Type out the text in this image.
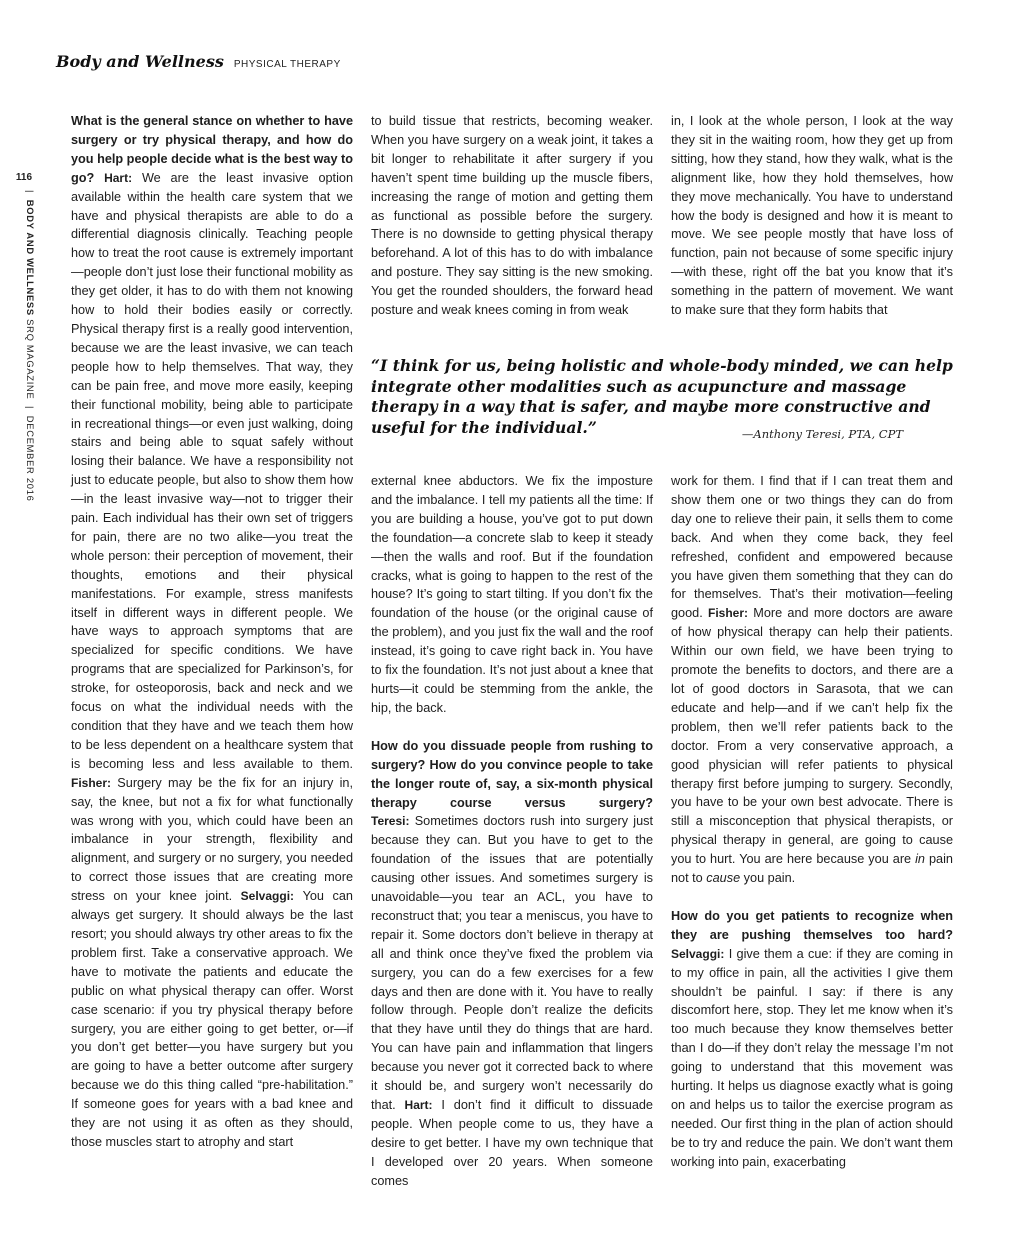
Body and Wellness PHYSICAL THERAPY
116
|  BODY AND WELLNESS SRQ MAGAZINE  |  DECEMBER 2016

What is the general stance on whether to have surgery or try physical therapy, and how do you help people decide what is the best way to go? Hart: We are the least invasive option available within the health care system that we have and physical therapists are able to do a differential diagnosis clinically. Teaching people how to treat the root cause is extremely important—people don’t just lose their functional mobility as they get older, it has to do with them not knowing how to hold their bodies easily or correctly. Physical therapy first is a really good intervention, because we are the least invasive, we can teach people how to help themselves. That way, they can be pain free, and move more easily, keeping their functional mobility, being able to participate in recreational things—or even just walking, doing stairs and being able to squat safely without losing their balance. We have a responsibility not just to educate people, but also to show them how—in the least invasive way—not to trigger their pain. Each individual has their own set of triggers for pain, there are no two alike—you treat the whole person: their perception of movement, their thoughts, emotions and their physical manifestations. For example, stress manifests itself in different ways in different people. We have ways to approach symptoms that are specialized for specific conditions. We have programs that are specialized for Parkinson’s, for stroke, for osteoporosis, back and neck and we focus on what the individual needs with the condition that they have and we teach them how to be less dependent on a healthcare system that is becoming less and less available to them. Fisher: Surgery may be the fix for an injury in, say, the knee, but not a fix for what functionally was wrong with you, which could have been an imbalance in your strength, flexibility and alignment, and surgery or no surgery, you needed to correct those issues that are creating more stress on your knee joint. Selvaggi: You can always get surgery. It should always be the last resort; you should always try other areas to fix the problem first. Take a conservative approach. We have to motivate the patients and educate the public on what physical therapy can offer. Worst case scenario: if you try physical therapy before surgery, you are either going to get better, or—if you don’t get better—you have surgery but you are going to have a better outcome after surgery because we do this thing called “pre-habilitation.” If someone goes for years with a bad knee and they are not using it as often as they should, those muscles start to atrophy and start

to build tissue that restricts, becoming weaker. When you have surgery on a weak joint, it takes a bit longer to rehabilitate it after surgery if you haven’t spent time building up the muscle fibers, increasing the range of motion and getting them as functional as possible before the surgery. There is no downside to getting physical therapy beforehand. A lot of this has to do with imbalance and posture. They say sitting is the new smoking. You get the rounded shoulders, the forward head posture and weak knees coming in from weak

in, I look at the whole person, I look at the way they sit in the waiting room, how they get up from sitting, how they stand, how they walk, what is the alignment like, how they hold themselves, how they move mechanically. You have to understand how the body is designed and how it is meant to move. We see people mostly that have loss of function, pain not because of some specific injury—with these, right off the bat you know that it’s something in the pattern of movement. We want to make sure that they form habits that

“I think for us, being holistic and whole-body minded, we can help integrate other modalities such as acupuncture and massage therapy in a way that is safer, and maybe more constructive and useful for the individual.”	—Anthony Teresi, PTA, CPT

external knee abductors. We fix the imposture and the imbalance. I tell my patients all the time: If you are building a house, you’ve got to put down the foundation—a concrete slab to keep it steady—then the walls and roof. But if the foundation cracks, what is going to happen to the rest of the house? It’s going to start tilting. If you don’t fix the foundation of the house (or the original cause of the problem), and you just fix the wall and the roof instead, it’s going to cave right back in. You have to fix the foundation. It’s not just about a knee that hurts—it could be stemming from the ankle, the hip, the back.

How do you dissuade people from rushing to surgery? How do you convince people to take the longer route of, say, a six-month physical therapy course versus surgery? Teresi: Sometimes doctors rush into surgery just because they can. But you have to get to the foundation of the issues that are potentially causing other issues. And sometimes surgery is unavoidable—you tear an ACL, you have to reconstruct that; you tear a meniscus, you have to repair it. Some doctors don’t believe in therapy at all and think once they’ve fixed the problem via surgery, you can do a few exercises for a few days and then are done with it. You have to really follow through. People don’t realize the deficits that they have until they do things that are hard. You can have pain and inflammation that lingers because you never got it corrected back to where it should be, and surgery won’t necessarily do that. Hart: I don’t find it difficult to dissuade people. When people come to us, they have a desire to get better. I have my own technique that I developed over 20 years. When someone comes

work for them. I find that if I can treat them and show them one or two things they can do from day one to relieve their pain, it sells them to come back. And when they come back, they feel refreshed, confident and empowered because you have given them something that they can do for themselves. That’s their motivation—feeling good. Fisher: More and more doctors are aware of how physical therapy can help their patients. Within our own field, we have been trying to promote the benefits to doctors, and there are a lot of good doctors in Sarasota, that we can educate and help—and if we can’t help fix the problem, then we’ll refer patients back to the doctor. From a very conservative approach, a good physician will refer patients to physical therapy first before jumping to surgery. Secondly, you have to be your own best advocate. There is still a misconception that physical therapists, or physical therapy in general, are going to cause you to hurt. You are here because you are in pain not to cause you pain.

How do you get patients to recognize when they are pushing themselves too hard? Selvaggi: I give them a cue: if they are coming in to my office in pain, all the activities I give them shouldn’t be painful. I say: if there is any discomfort here, stop. They let me know when it’s too much because they know themselves better than I do—if they don’t relay the message I’m not going to understand that this movement was hurting. It helps us diagnose exactly what is going on and helps us to tailor the exercise program as needed. Our first thing in the plan of action should be to try and reduce the pain. We don’t want them working into pain, exacerbating
